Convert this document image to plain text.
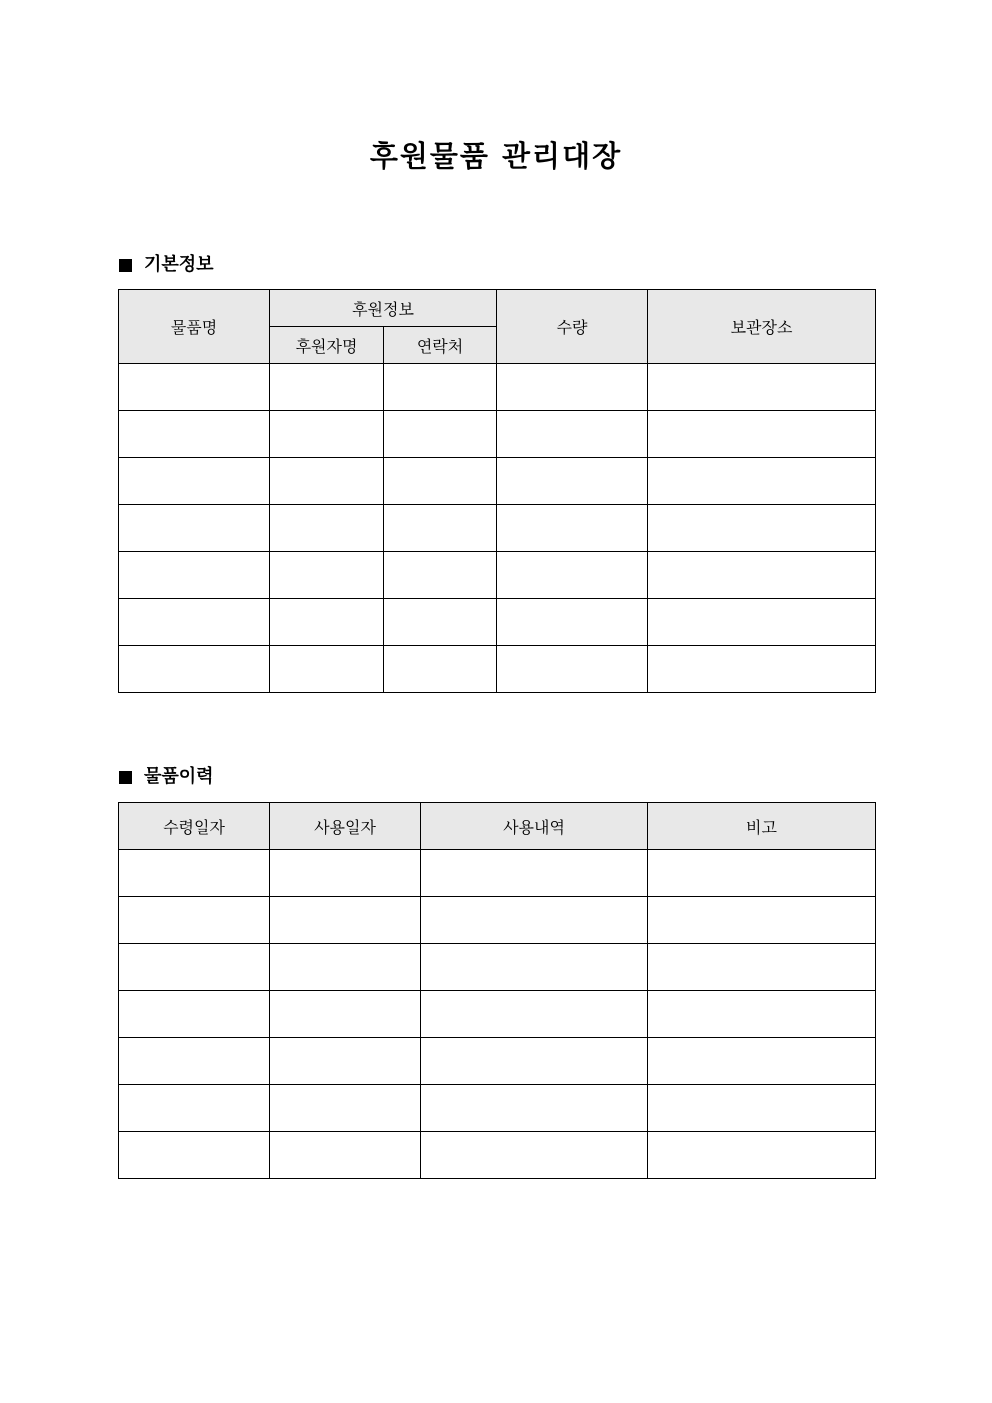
후원물품 관리대장
기본정보
물품명	후원정보		수량	보관장소
	후원자명	연락처		

물품이력
수령일자	사용일자	사용내역	비고
